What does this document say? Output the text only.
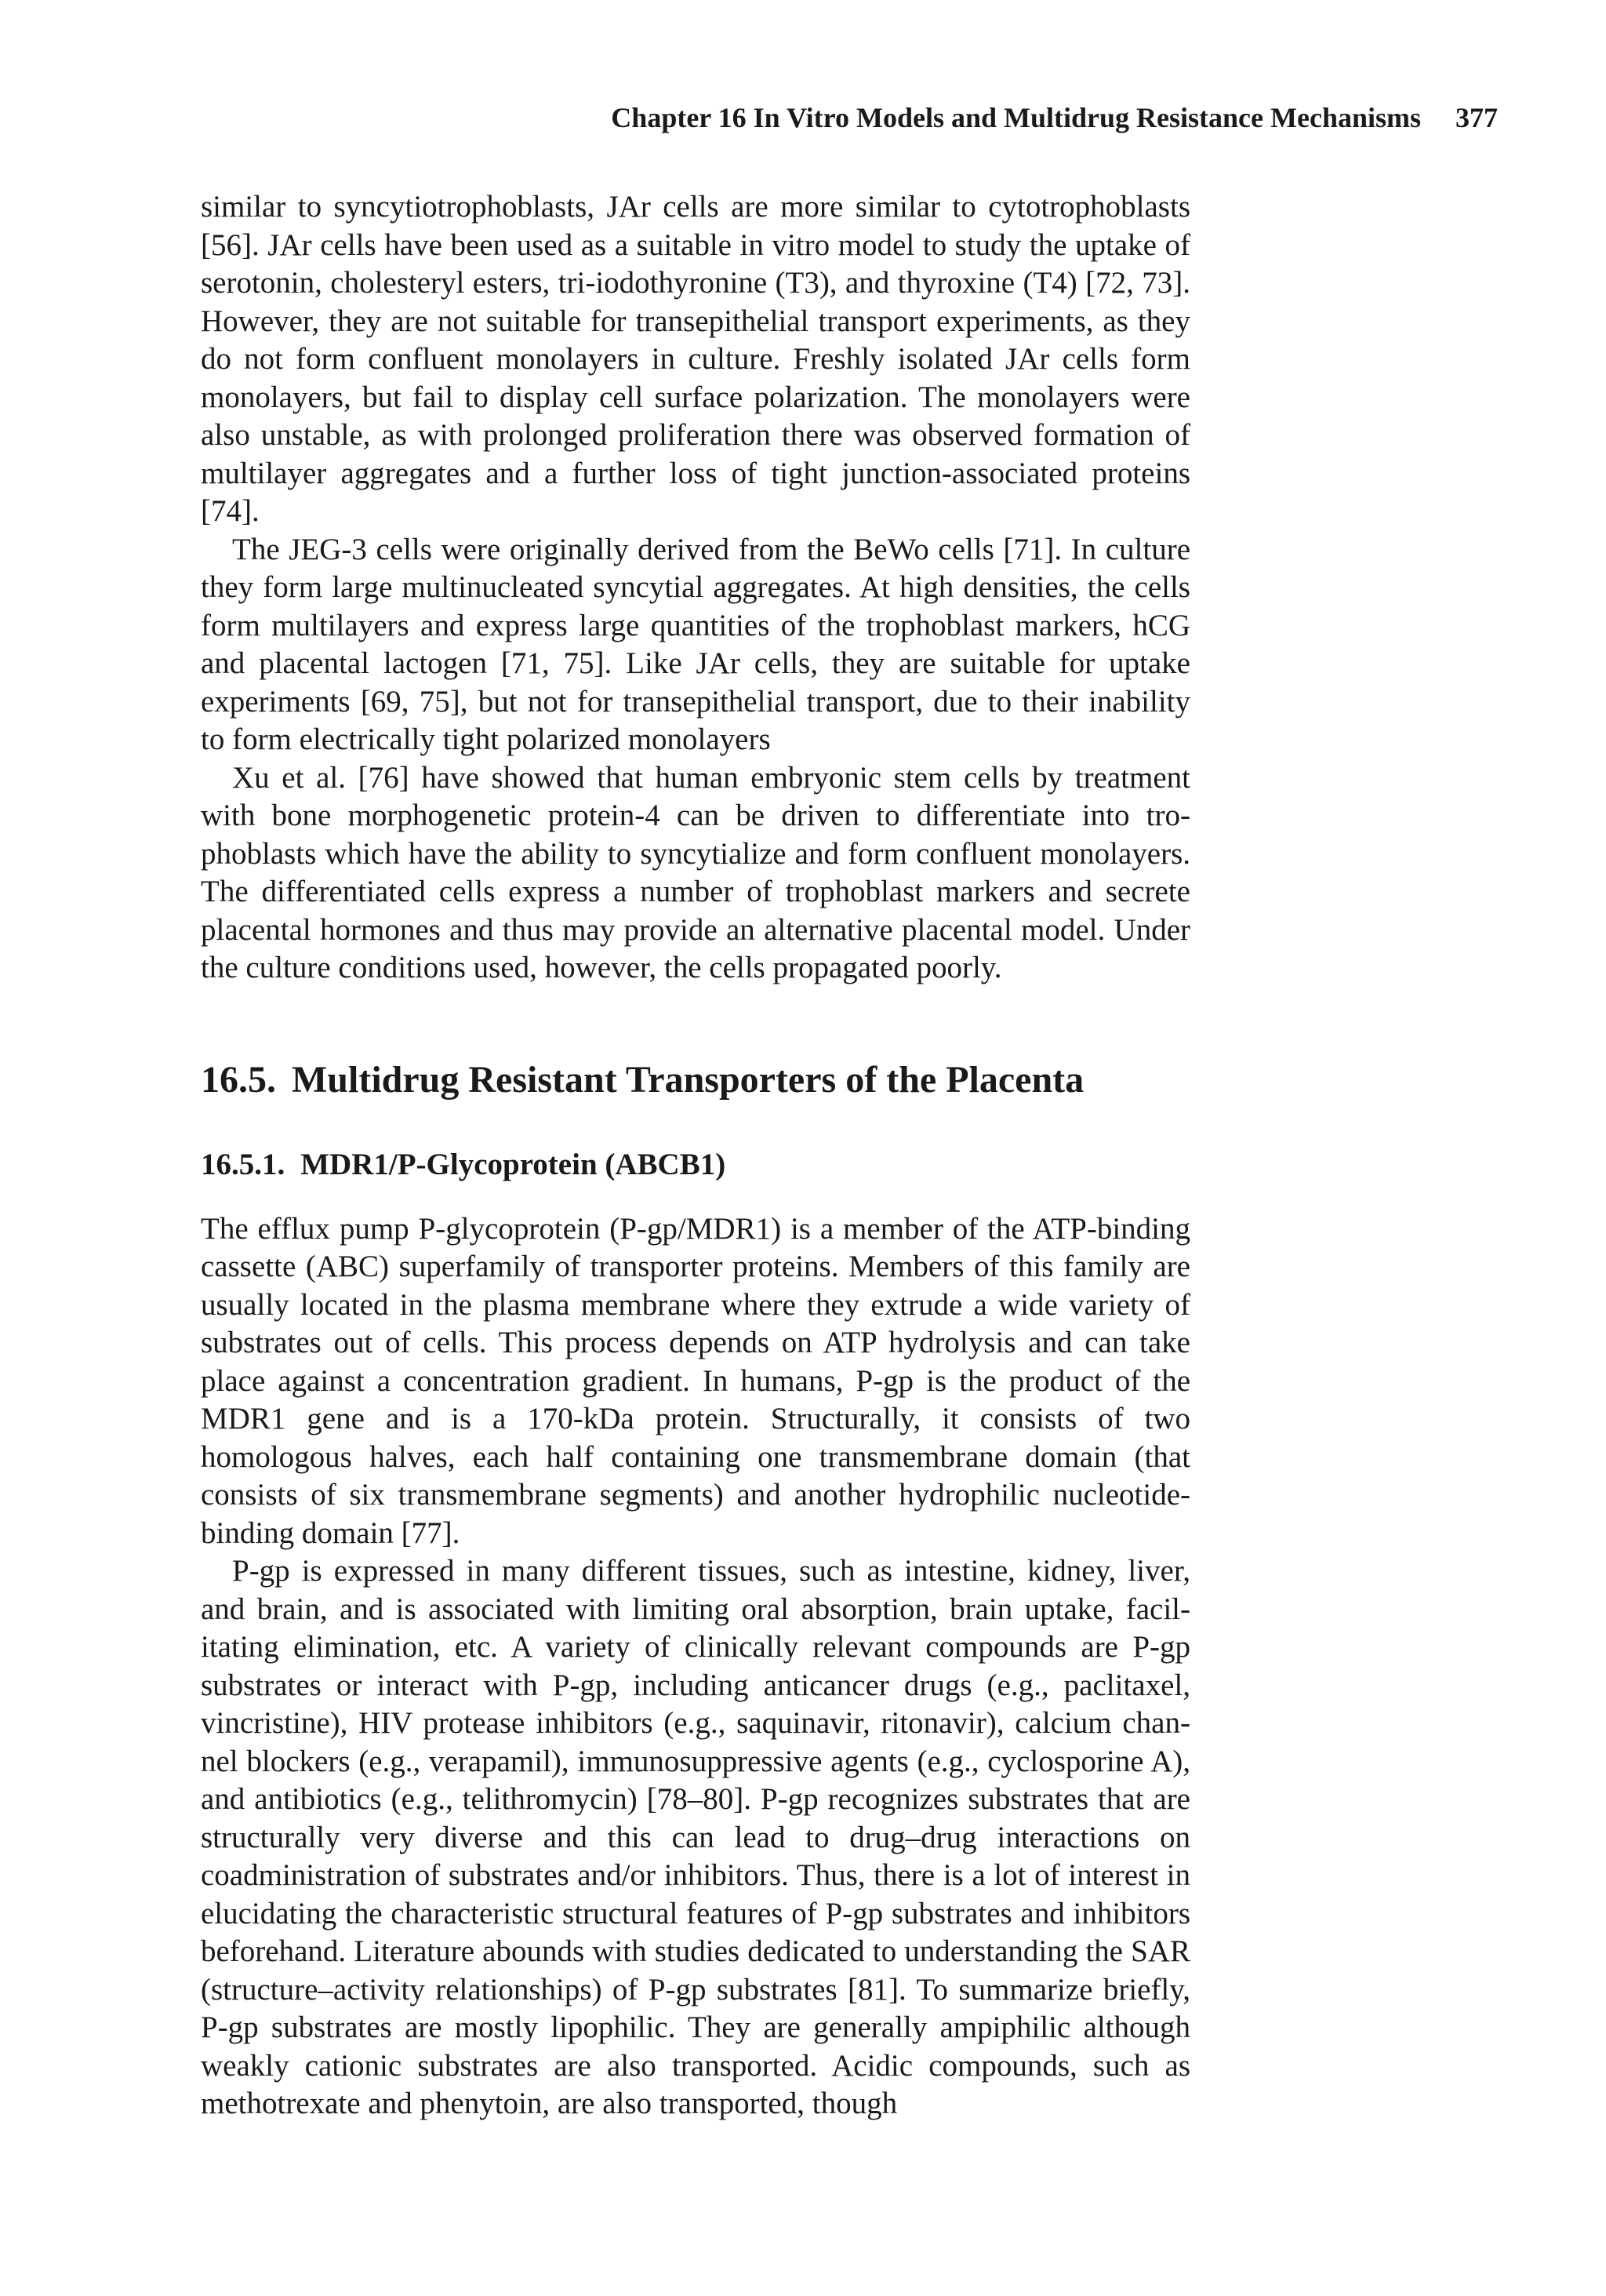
Chapter 16 In Vitro Models and Multidrug Resistance Mechanisms 377

similar to syncytiotrophoblasts, JAr cells are more similar to cytotrophoblasts [56]. JAr cells have been used as a suitable in vitro model to study the uptake of serotonin, cholesteryl esters, tri-iodothyronine (T3), and thyroxine (T4) [72, 73]. However, they are not suitable for transepithelial transport experiments, as they do not form confluent monolayers in culture. Freshly isolated JAr cells form monolayers, but fail to display cell surface polarization. The monolayers were also unstable, as with prolonged proliferation there was observed formation of multilayer aggregates and a further loss of tight junction-associated proteins [74].

The JEG-3 cells were originally derived from the BeWo cells [71]. In culture they form large multinucleated syncytial aggregates. At high densities, the cells form multilayers and express large quantities of the trophoblast markers, hCG and placental lactogen [71, 75]. Like JAr cells, they are suitable for uptake experiments [69, 75], but not for transepithelial transport, due to their inability to form electrically tight polarized monolayers

Xu et al. [76] have showed that human embryonic stem cells by treatment with bone morphogenetic protein-4 can be driven to differentiate into trophoblasts which have the ability to syncytialize and form confluent monolayers. The differentiated cells express a number of trophoblast markers and secrete placental hormones and thus may provide an alternative placental model. Under the culture conditions used, however, the cells propagated poorly.

16.5. Multidrug Resistant Transporters of the Placenta
16.5.1. MDR1/P-Glycoprotein (ABCB1)

The efflux pump P-glycoprotein (P-gp/MDR1) is a member of the ATP-binding cassette (ABC) superfamily of transporter proteins. Members of this family are usually located in the plasma membrane where they extrude a wide variety of substrates out of cells. This process depends on ATP hydrolysis and can take place against a concentration gradient. In humans, P-gp is the product of the MDR1 gene and is a 170-kDa protein. Structurally, it consists of two homologous halves, each half containing one transmembrane domain (that consists of six transmembrane segments) and another hydrophilic nucleotide-binding domain [77].

P-gp is expressed in many different tissues, such as intestine, kidney, liver, and brain, and is associated with limiting oral absorption, brain uptake, facilitating elimination, etc. A variety of clinically relevant compounds are P-gp substrates or interact with P-gp, including anticancer drugs (e.g., paclitaxel, vincristine), HIV protease inhibitors (e.g., saquinavir, ritonavir), calcium channel blockers (e.g., verapamil), immunosuppressive agents (e.g., cyclosporine A), and antibiotics (e.g., telithromycin) [78–80]. P-gp recognizes substrates that are structurally very diverse and this can lead to drug–drug interactions on coadministration of substrates and/or inhibitors. Thus, there is a lot of interest in elucidating the characteristic structural features of P-gp substrates and inhibitors beforehand. Literature abounds with studies dedicated to understanding the SAR (structure–activity relationships) of P-gp substrates [81]. To summarize briefly, P-gp substrates are mostly lipophilic. They are generally ampiphilic although weakly cationic substrates are also transported. Acidic compounds, such as methotrexate and phenytoin, are also transported, though
